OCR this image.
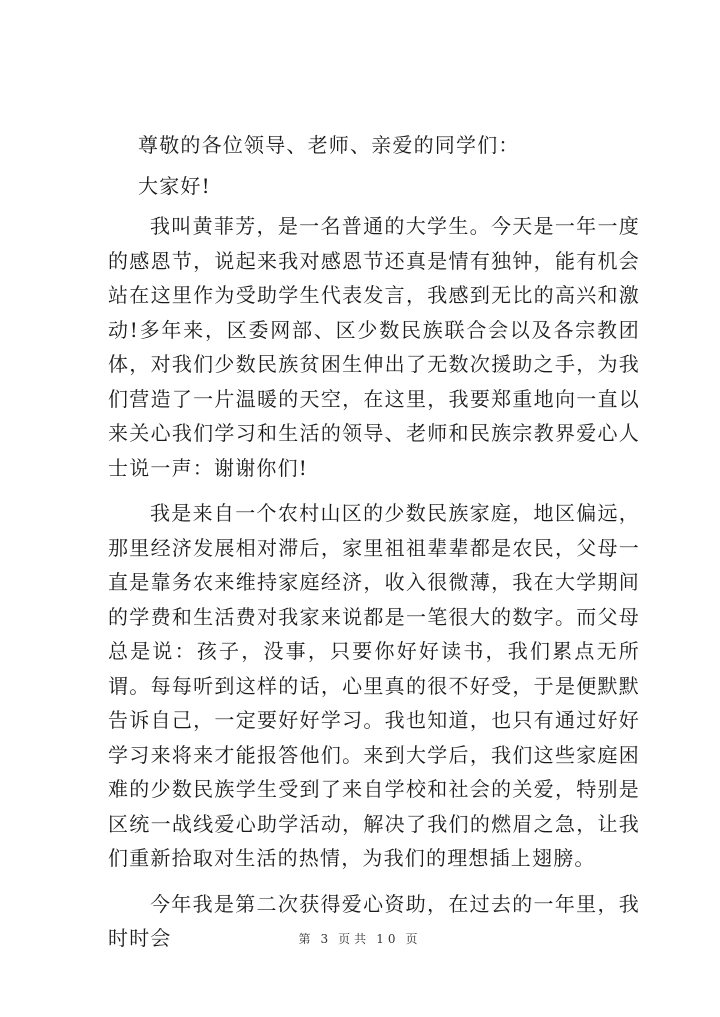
尊敬的各位领导、老师、亲爱的同学们：

大家好!

我叫黄菲芳，是一名普通的大学生。今天是一年一度的感恩节，说起来我对感恩节还真是情有独钟，能有机会站在这里作为受助学生代表发言，我感到无比的高兴和激动!多年来，区委网部、区少数民族联合会以及各宗教团体，对我们少数民族贫困生伸出了无数次援助之手，为我们营造了一片温暖的天空，在这里，我要郑重地向一直以来关心我们学习和生活的领导、老师和民族宗教界爱心人士说一声：谢谢你们!

我是来自一个农村山区的少数民族家庭，地区偏远，那里经济发展相对滞后，家里祖祖辈辈都是农民，父母一直是靠务农来维持家庭经济，收入很微薄，我在大学期间的学费和生活费对我家来说都是一笔很大的数字。而父母总是说：孩子，没事，只要你好好读书，我们累点无所谓。每每听到这样的话，心里真的很不好受，于是便默默告诉自己，一定要好好学习。我也知道，也只有通过好好学习来将来才能报答他们。来到大学后，我们这些家庭困难的少数民族学生受到了来自学校和社会的关爱，特别是区统一战线爱心助学活动，解决了我们的燃眉之急，让我们重新拾取对生活的热情，为我们的理想插上翅膀。

今年我是第二次获得爱心资助，在过去的一年里，我时时会	第 3 页共 10 页
